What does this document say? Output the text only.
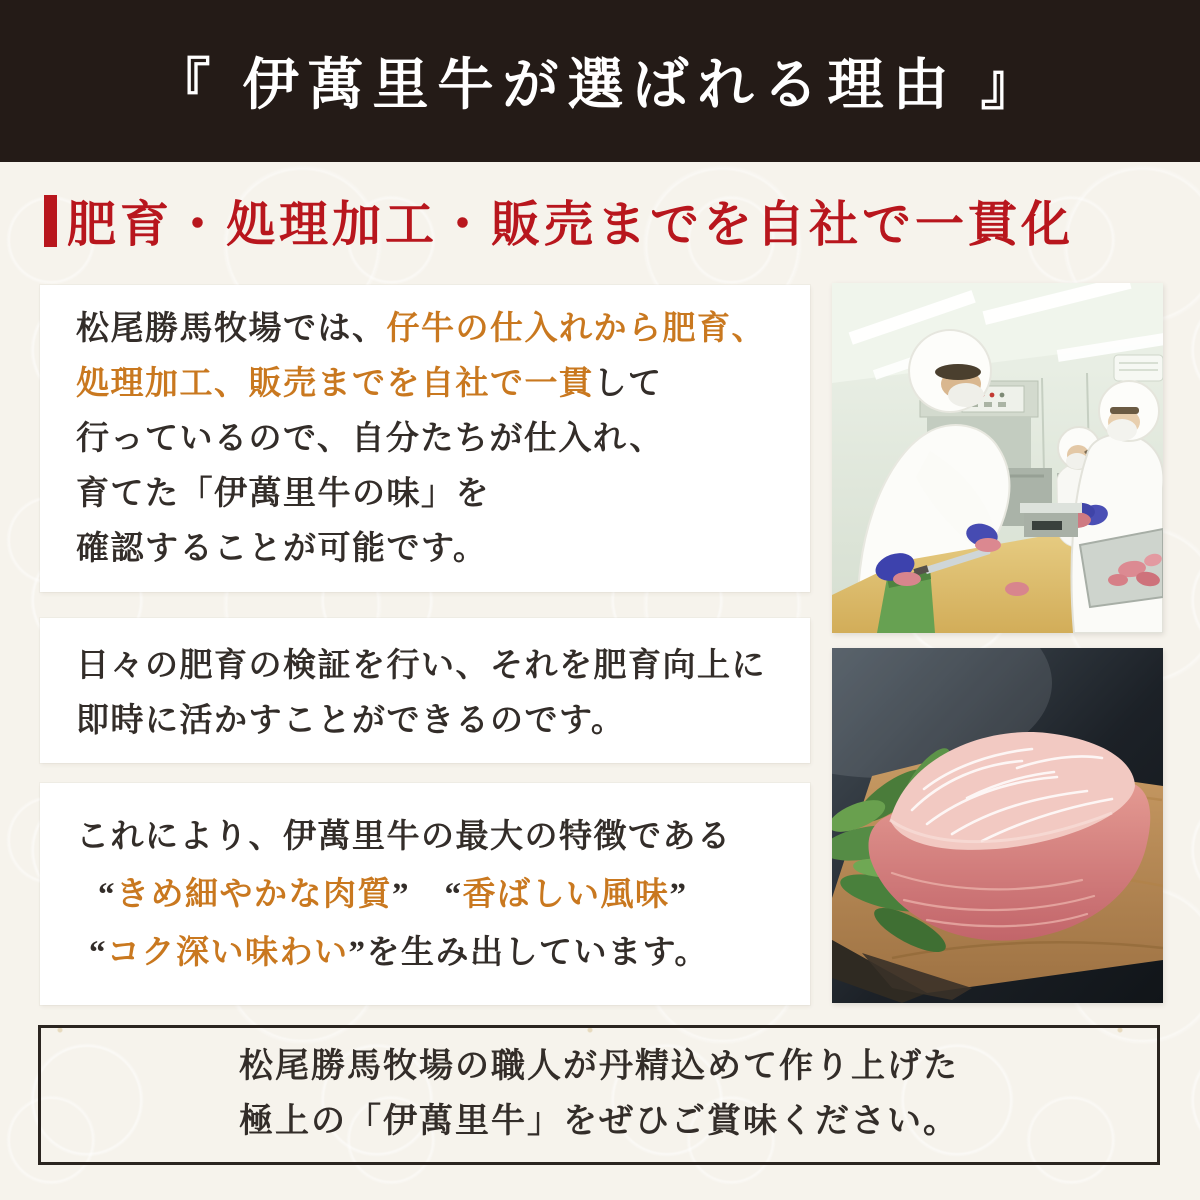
『 伊萬里牛が選ばれる理由 』
肥育・処理加工・販売までを自社で一貫化

松尾勝馬牧場では、仔牛の仕入れから肥育、

処理加工、販売までを自社で一貫して

行っているので、自分たちが仕入れ、

育てた「伊萬里牛の味」を

確認することが可能です。

日々の肥育の検証を行い、それを肥育向上に

即時に活かすことができるのです。

これにより、伊萬里牛の最大の特徴である

“きめ細やかな肉質”　“香ばしい風味”

“コク深い味わい”を生み出しています。

松尾勝馬牧場の職人が丹精込めて作り上げた

極上の「伊萬里牛」をぜひご賞味ください。
